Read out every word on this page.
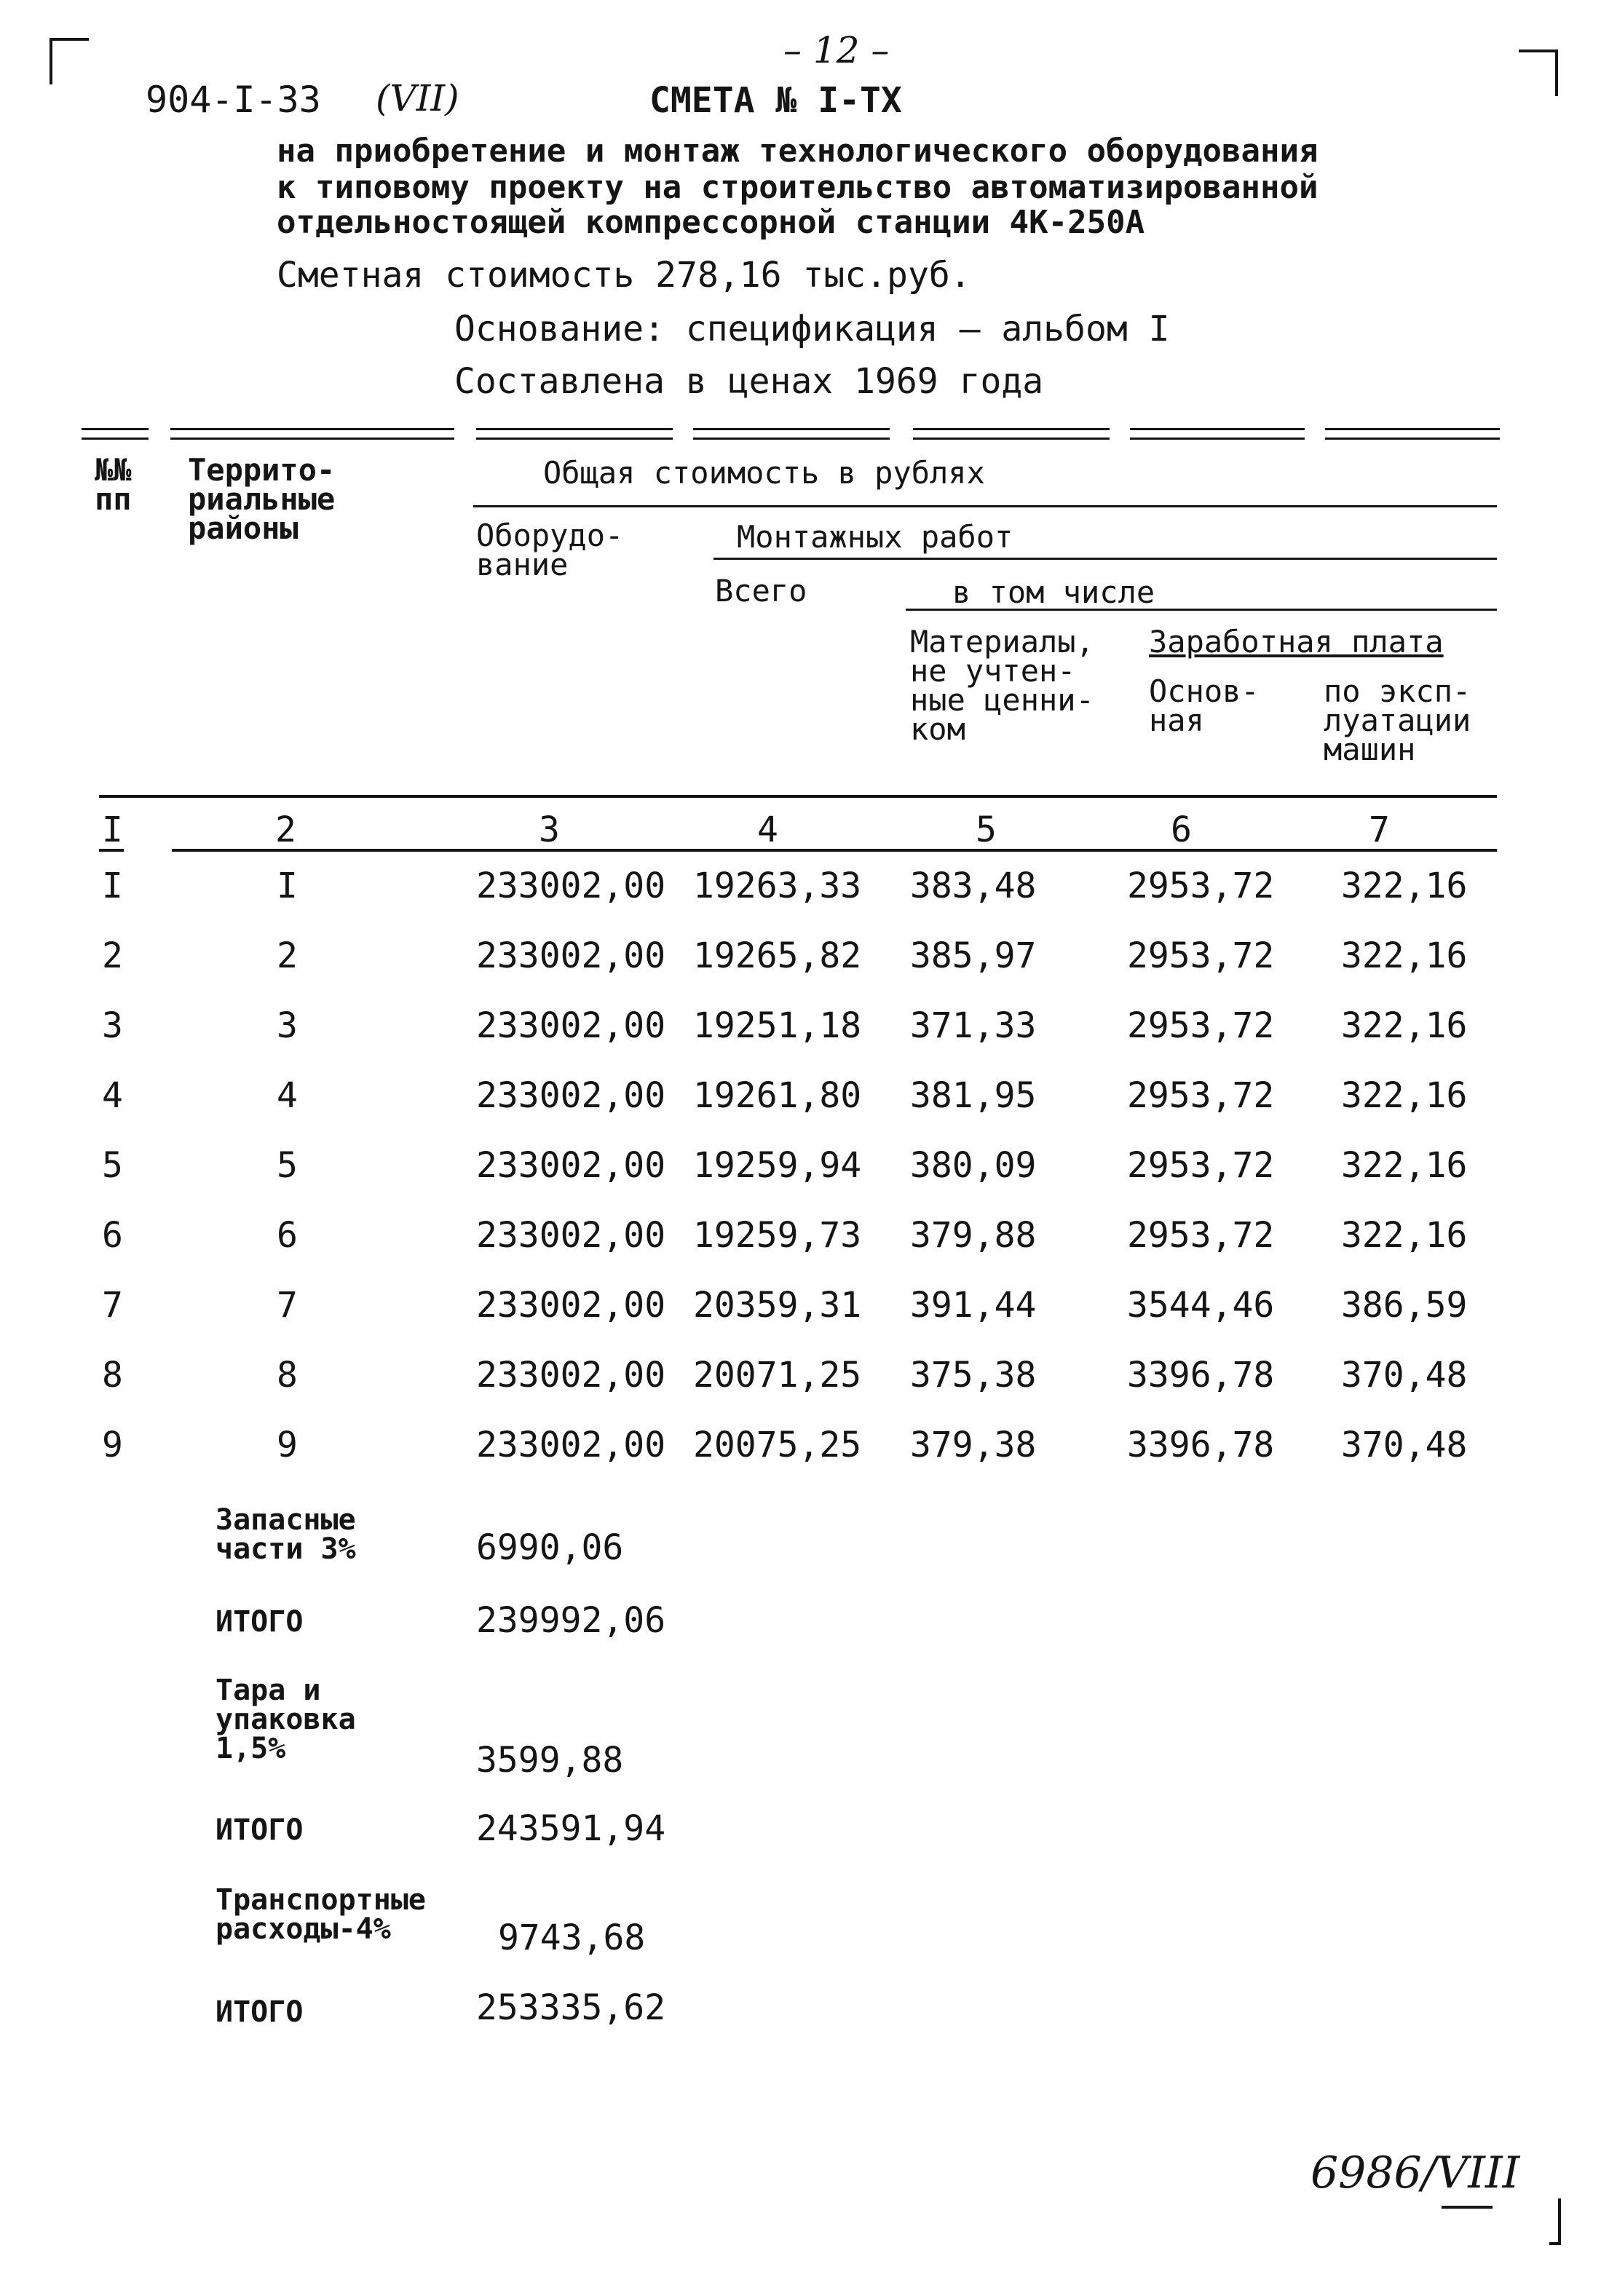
– 12 –
904-I-33 (VII)	СМЕТА № I-ТХ
на приобретение и монтаж технологического оборудования
к типовому проекту на строительство автоматизированной
отдельностоящей компрессорной станции 4К-250А
Сметная стоимость 278,16 тыс.руб.
Основание: спецификация – альбом I
Составлена в ценах 1969 года
№№
пп
Террито-
риальные
районы
Общая стоимость в рублях
Оборудо-
вание
Монтажных работ
Всего	в том числе
Материалы,
не учтен-
ные ценни-
ком
Заработная плата
Основ-
ная
по эксп-
луатации
машин
I	2	3	4	5	6	7
I	I	233002,00 19263,33 383,48	2953,72 322,16
2	2	233002,00 19265,82 385,97	2953,72 322,16
3	3	233002,00 19251,18 371,33	2953,72 322,16
4	4	233002,00 19261,80 381,95	2953,72 322,16
5	5	233002,00 19259,94 380,09	2953,72 322,16
6	6	233002,00 19259,73 379,88	2953,72 322,16
7	7	233002,00 20359,31 391,44	3544,46 386,59
8	8	233002,00 20071,25 375,38	3396,78 370,48
9	9	233002,00 20075,25 379,38	3396,78 370,48
Запасные
части 3%	6990,06
ИТОГО	239992,06
Тара и
упаковка
1,5%	3599,88
ИТОГО	243591,94
Транспортные
расходы-4%	9743,68
ИТОГО	253335,62
6986/VIII
